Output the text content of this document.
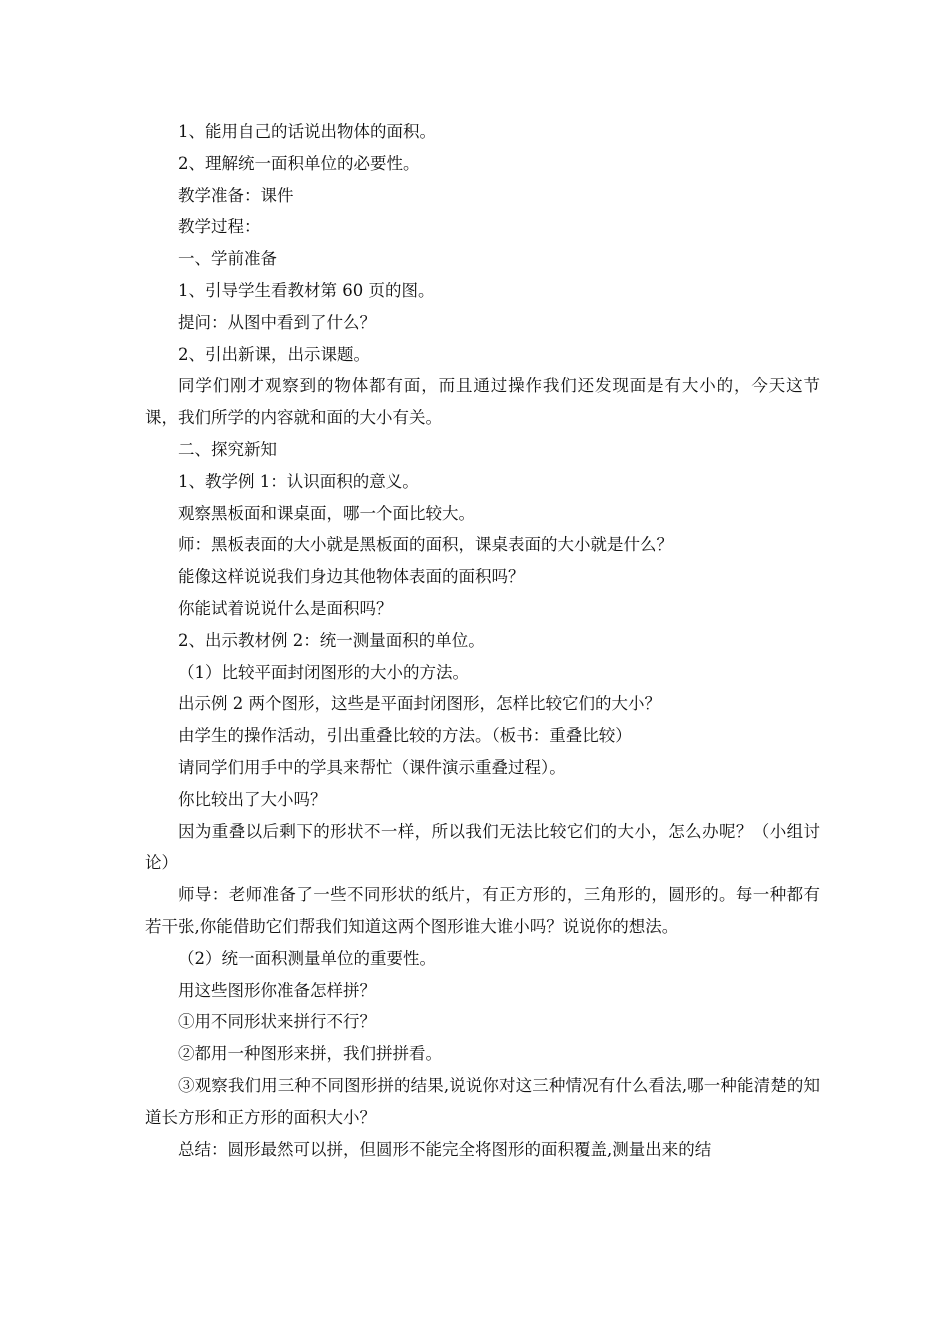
1、能用自己的话说出物体的面积。

2、理解统一面积单位的必要性。

教学准备：课件

教学过程：

一、学前准备

1、引导学生看教材第 60 页的图。

提问：从图中看到了什么？

2、引出新课，出示课题。

同学们刚才观察到的物体都有面，而且通过操作我们还发现面是有大小的，今天这节课，我们所学的内容就和面的大小有关。

二、探究新知

1、教学例 1：认识面积的意义。

观察黑板面和课桌面，哪一个面比较大。

师：黑板表面的大小就是黑板面的面积，课桌表面的大小就是什么？

能像这样说说我们身边其他物体表面的面积吗？

你能试着说说什么是面积吗？

2、出示教材例 2：统一测量面积的单位。

（1）比较平面封闭图形的大小的方法。

出示例 2 两个图形，这些是平面封闭图形，怎样比较它们的大小？

由学生的操作活动，引出重叠比较的方法。（板书：重叠比较）

请同学们用手中的学具来帮忙（课件演示重叠过程）。

你比较出了大小吗？

因为重叠以后剩下的形状不一样，所以我们无法比较它们的大小，怎么办呢？（小组讨论）

师导：老师准备了一些不同形状的纸片，有正方形的，三角形的，圆形的。每一种都有若干张,你能借助它们帮我们知道这两个图形谁大谁小吗？说说你的想法。

（2）统一面积测量单位的重要性。

用这些图形你准备怎样拼？

①用不同形状来拼行不行？

②都用一种图形来拼，我们拼拼看。

③观察我们用三种不同图形拼的结果,说说你对这三种情况有什么看法,哪一种能清楚的知道长方形和正方形的面积大小？

总结：圆形最然可以拼，但圆形不能完全将图形的面积覆盖,测量出来的结
